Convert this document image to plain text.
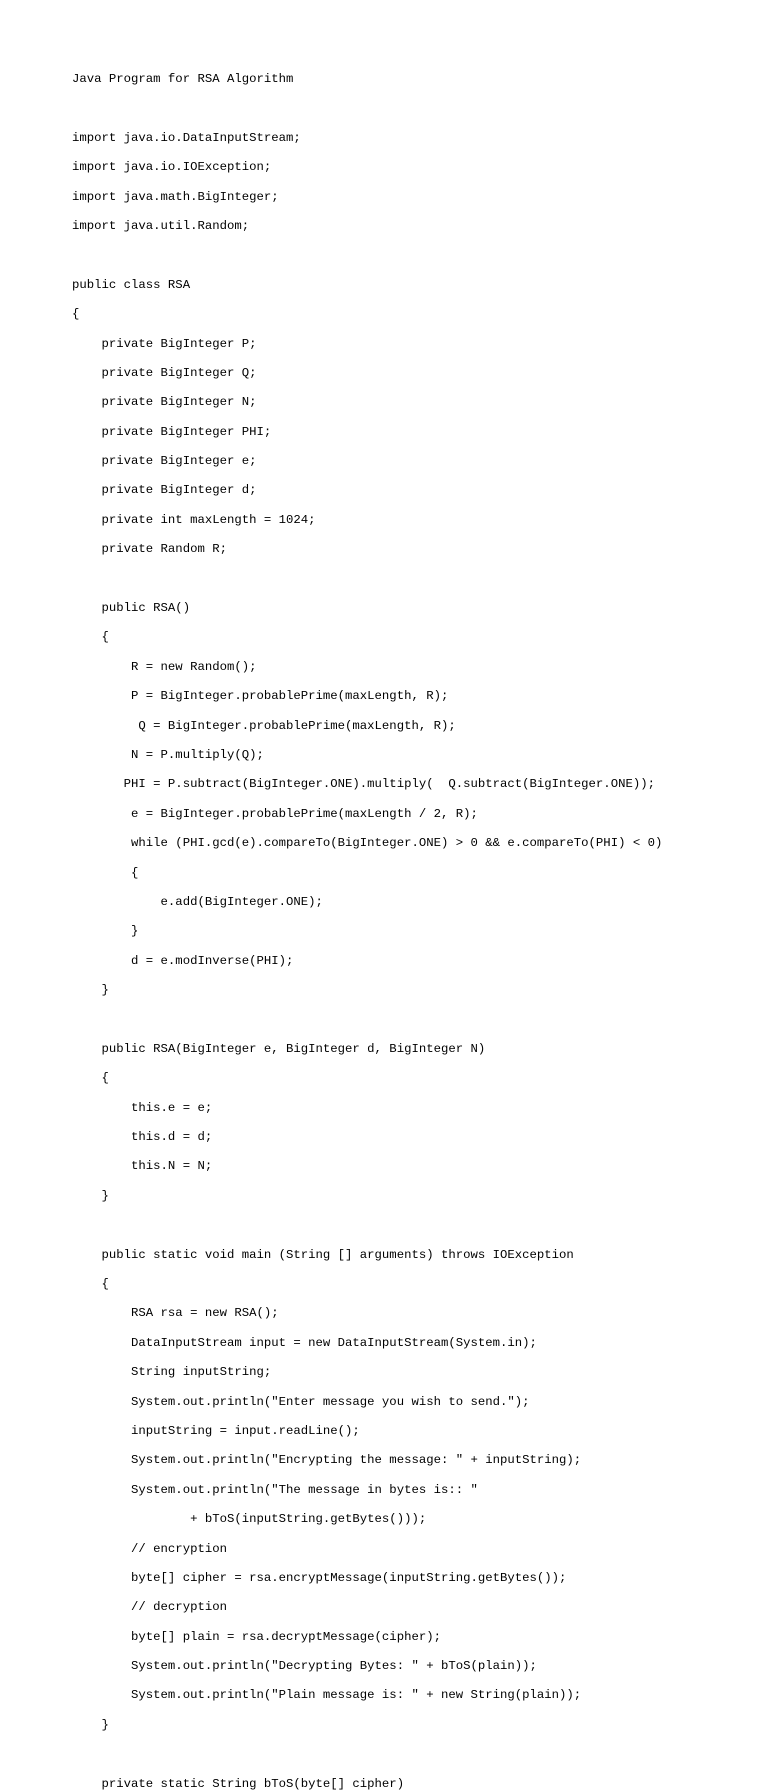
Java Program for RSA Algorithm

import java.io.DataInputStream;

import java.io.IOException;

import java.math.BigInteger;

import java.util.Random;

public class RSA

{

private BigInteger P;

private BigInteger Q;

private BigInteger N;

private BigInteger PHI;

private BigInteger e;

private BigInteger d;

private int maxLength = 1024;

private Random R;

public RSA()

{

R = new Random();

P = BigInteger.probablePrime(maxLength, R);

Q = BigInteger.probablePrime(maxLength, R);

N = P.multiply(Q);

PHI = P.subtract(BigInteger.ONE).multiply(  Q.subtract(BigInteger.ONE));

e = BigInteger.probablePrime(maxLength / 2, R);

while (PHI.gcd(e).compareTo(BigInteger.ONE) > 0 && e.compareTo(PHI) < 0)

{

e.add(BigInteger.ONE);

}

d = e.modInverse(PHI);

}

public RSA(BigInteger e, BigInteger d, BigInteger N)

{

this.e = e;

this.d = d;

this.N = N;

}

public static void main (String [] arguments) throws IOException

{

RSA rsa = new RSA();

DataInputStream input = new DataInputStream(System.in);

String inputString;

System.out.println("Enter message you wish to send.");

inputString = input.readLine();

System.out.println("Encrypting the message: " + inputString);

System.out.println("The message in bytes is:: "

+ bToS(inputString.getBytes()));

// encryption

byte[] cipher = rsa.encryptMessage(inputString.getBytes());

// decryption

byte[] plain = rsa.decryptMessage(cipher);

System.out.println("Decrypting Bytes: " + bToS(plain));

System.out.println("Plain message is: " + new String(plain));

}

private static String bToS(byte[] cipher)
